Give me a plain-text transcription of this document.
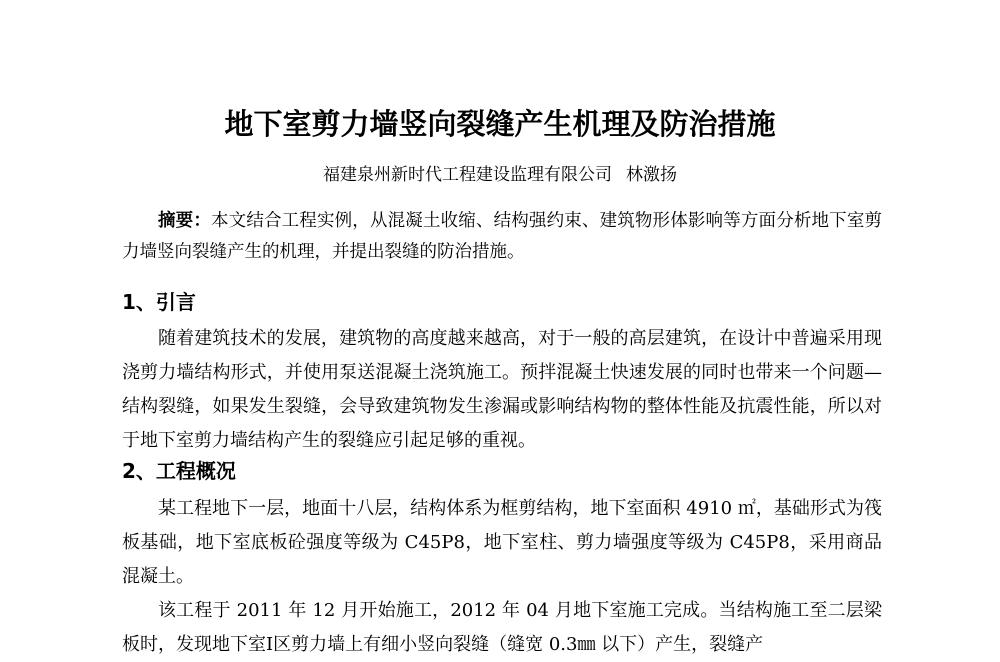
地下室剪力墙竖向裂缝产生机理及防治措施
福建泉州新时代工程建设监理有限公司 林激扬
摘要：本文结合工程实例，从混凝土收缩、结构强约束、建筑物形体影响等方面分析地下室剪力墙竖向裂缝产生的机理，并提出裂缝的防治措施。
1、引言

随着建筑技术的发展，建筑物的高度越来越高，对于一般的高层建筑，在设计中普遍采用现浇剪力墙结构形式，并使用泵送混凝土浇筑施工。预拌混凝土快速发展的同时也带来一个问题—结构裂缝，如果发生裂缝，会导致建筑物发生渗漏或影响结构物的整体性能及抗震性能，所以对于地下室剪力墙结构产生的裂缝应引起足够的重视。

2、工程概况

某工程地下一层，地面十八层，结构体系为框剪结构，地下室面积 4910 ㎡，基础形式为筏板基础，地下室底板砼强度等级为 C45P8，地下室柱、剪力墙强度等级为 C45P8，采用商品混凝土。

该工程于 2011 年 12 月开始施工，2012 年 04 月地下室施工完成。当结构施工至二层梁板时，发现地下室Ⅰ区剪力墙上有细小竖向裂缝（缝宽 0.3㎜ 以下）产生，裂缝产
